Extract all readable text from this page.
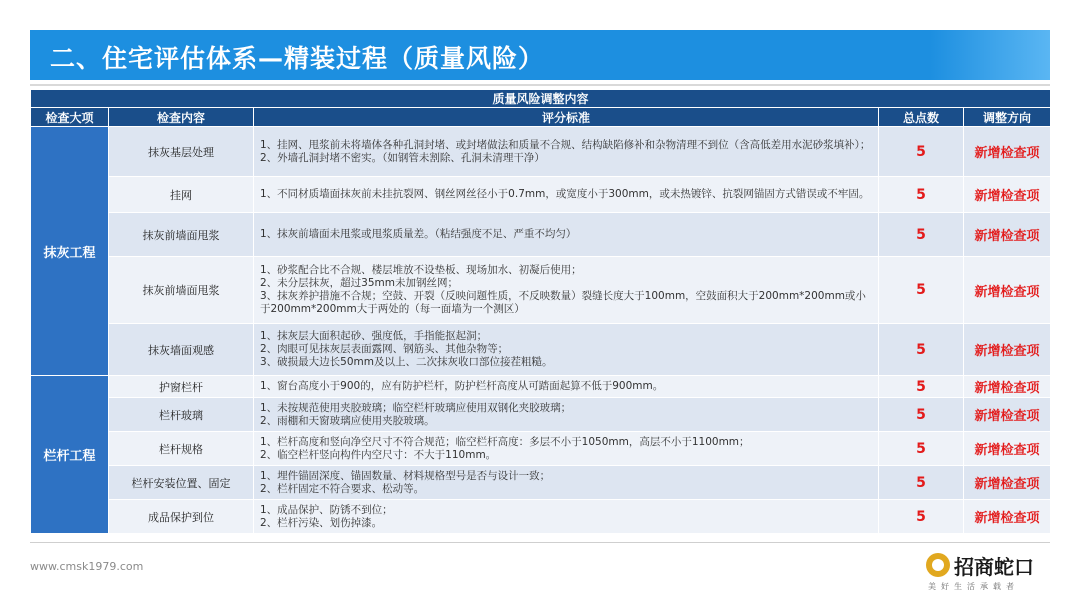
二、住宅评估体系—精装过程（质量风险）
质量风险调整内容				
检查大项	检查内容	评分标准	总点数	调整方向
抹灰工程	抹灰基层处理	1、挂网、甩浆前未将墙体各种孔洞封堵、或封堵做法和质量不合规、结构缺陷修补和杂物清理不到位（含高低差用水泥砂浆填补）；
2、外墙孔洞封堵不密实。（如钢管未割除、孔洞未清理干净）	5	新增检查项
	挂网	1、不同材质墙面抹灰前未挂抗裂网、钢丝网丝径小于0.7mm，或宽度小于300mm，或未热镀锌、抗裂网锚固方式错误或不牢固。	5	新增检查项
	抹灰前墙面甩浆	1、抹灰前墙面未甩浆或甩浆质量差。（粘结强度不足、严重不均匀）	5	新增检查项
	抹灰前墙面甩浆	1、砂浆配合比不合规、楼层堆放不设垫板、现场加水、初凝后使用；
2、未分层抹灰，超过35mm未加钢丝网；
3、抹灰养护措施不合规；空鼓、开裂（反映问题性质，不反映数量）裂缝长度大于100mm，空鼓面积大于200mm*200mm或小于200mm*200mm大于两处的（每一面墙为一个测区）	5	新增检查项
	抹灰墙面观感	1、抹灰层大面积起砂、强度低，手指能抠起洞；
2、肉眼可见抹灰层表面露网、钢筋头、其他杂物等；
3、破损最大边长50mm及以上、二次抹灰收口部位接茬粗糙。	5	新增检查项
栏杆工程	护窗栏杆	1、窗台高度小于900的，应有防护栏杆，防护栏杆高度从可踏面起算不低于900mm。	5	新增检查项
	栏杆玻璃	1、未按规范使用夹胶玻璃；临空栏杆玻璃应使用双钢化夹胶玻璃；
2、雨棚和天窗玻璃应使用夹胶玻璃。	5	新增检查项
	栏杆规格	1、栏杆高度和竖向净空尺寸不符合规范；临空栏杆高度：多层不小于1050mm，高层不小于1100mm；
2、临空栏杆竖向构件内空尺寸：不大于110mm。	5	新增检查项
	栏杆安装位置、固定	1、埋件锚固深度、锚固数量、材料规格型号是否与设计一致；
2、栏杆固定不符合要求、松动等。	5	新增检查项
	成品保护到位	1、成品保护、防锈不到位；
2、栏杆污染、划伤掉漆。	5	新增检查项
www.cmsk1979.com	招商蛇口
美好生活承载者
